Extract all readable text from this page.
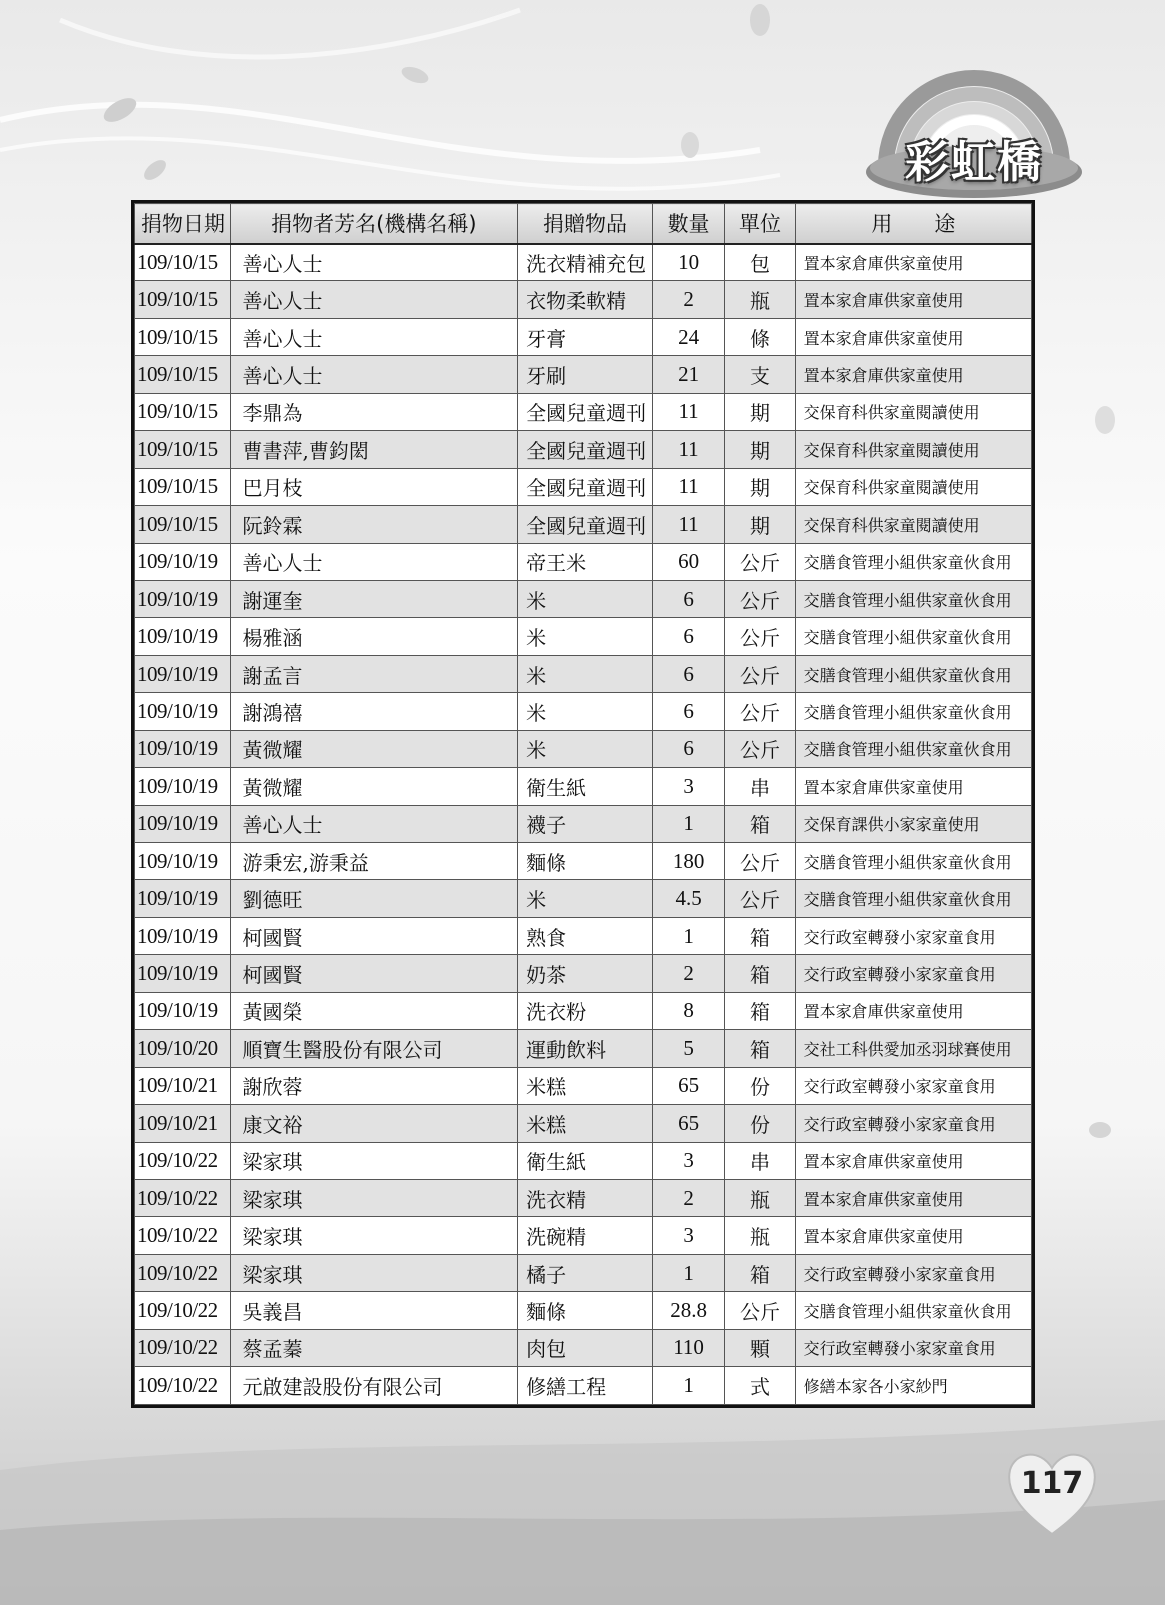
彩虹橋
捐物日期	捐物者芳名(機構名稱)	捐贈物品	數量	單位	用　　途
109/10/15	善心人士	洗衣精補充包	10	包	置本家倉庫供家童使用
109/10/15	善心人士	衣物柔軟精	2	瓶	置本家倉庫供家童使用
109/10/15	善心人士	牙膏	24	條	置本家倉庫供家童使用
109/10/15	善心人士	牙刷	21	支	置本家倉庫供家童使用
109/10/15	李鼎為	全國兒童週刊	11	期	交保育科供家童閱讀使用
109/10/15	曹書萍,曹鈞閎	全國兒童週刊	11	期	交保育科供家童閱讀使用
109/10/15	巴月枝	全國兒童週刊	11	期	交保育科供家童閱讀使用
109/10/15	阮鈴霖	全國兒童週刊	11	期	交保育科供家童閱讀使用
109/10/19	善心人士	帝王米	60	公斤	交膳食管理小組供家童伙食用
109/10/19	謝運奎	米	6	公斤	交膳食管理小組供家童伙食用
109/10/19	楊雅涵	米	6	公斤	交膳食管理小組供家童伙食用
109/10/19	謝孟言	米	6	公斤	交膳食管理小組供家童伙食用
109/10/19	謝鴻禧	米	6	公斤	交膳食管理小組供家童伙食用
109/10/19	黃微耀	米	6	公斤	交膳食管理小組供家童伙食用
109/10/19	黃微耀	衛生紙	3	串	置本家倉庫供家童使用
109/10/19	善心人士	襪子	1	箱	交保育課供小家家童使用
109/10/19	游秉宏,游秉益	麵條	180	公斤	交膳食管理小組供家童伙食用
109/10/19	劉德旺	米	4.5	公斤	交膳食管理小組供家童伙食用
109/10/19	柯國賢	熟食	1	箱	交行政室轉發小家家童食用
109/10/19	柯國賢	奶茶	2	箱	交行政室轉發小家家童食用
109/10/19	黃國榮	洗衣粉	8	箱	置本家倉庫供家童使用
109/10/20	順寶生醫股份有限公司	運動飲料	5	箱	交社工科供愛加丞羽球賽使用
109/10/21	謝欣蓉	米糕	65	份	交行政室轉發小家家童食用
109/10/21	康文裕	米糕	65	份	交行政室轉發小家家童食用
109/10/22	梁家琪	衛生紙	3	串	置本家倉庫供家童使用
109/10/22	梁家琪	洗衣精	2	瓶	置本家倉庫供家童使用
109/10/22	梁家琪	洗碗精	3	瓶	置本家倉庫供家童使用
109/10/22	梁家琪	橘子	1	箱	交行政室轉發小家家童食用
109/10/22	吳義昌	麵條	28.8	公斤	交膳食管理小組供家童伙食用
109/10/22	蔡孟蓁	肉包	110	顆	交行政室轉發小家家童食用
109/10/22	元啟建設股份有限公司	修繕工程	1	式	修繕本家各小家紗門
117
